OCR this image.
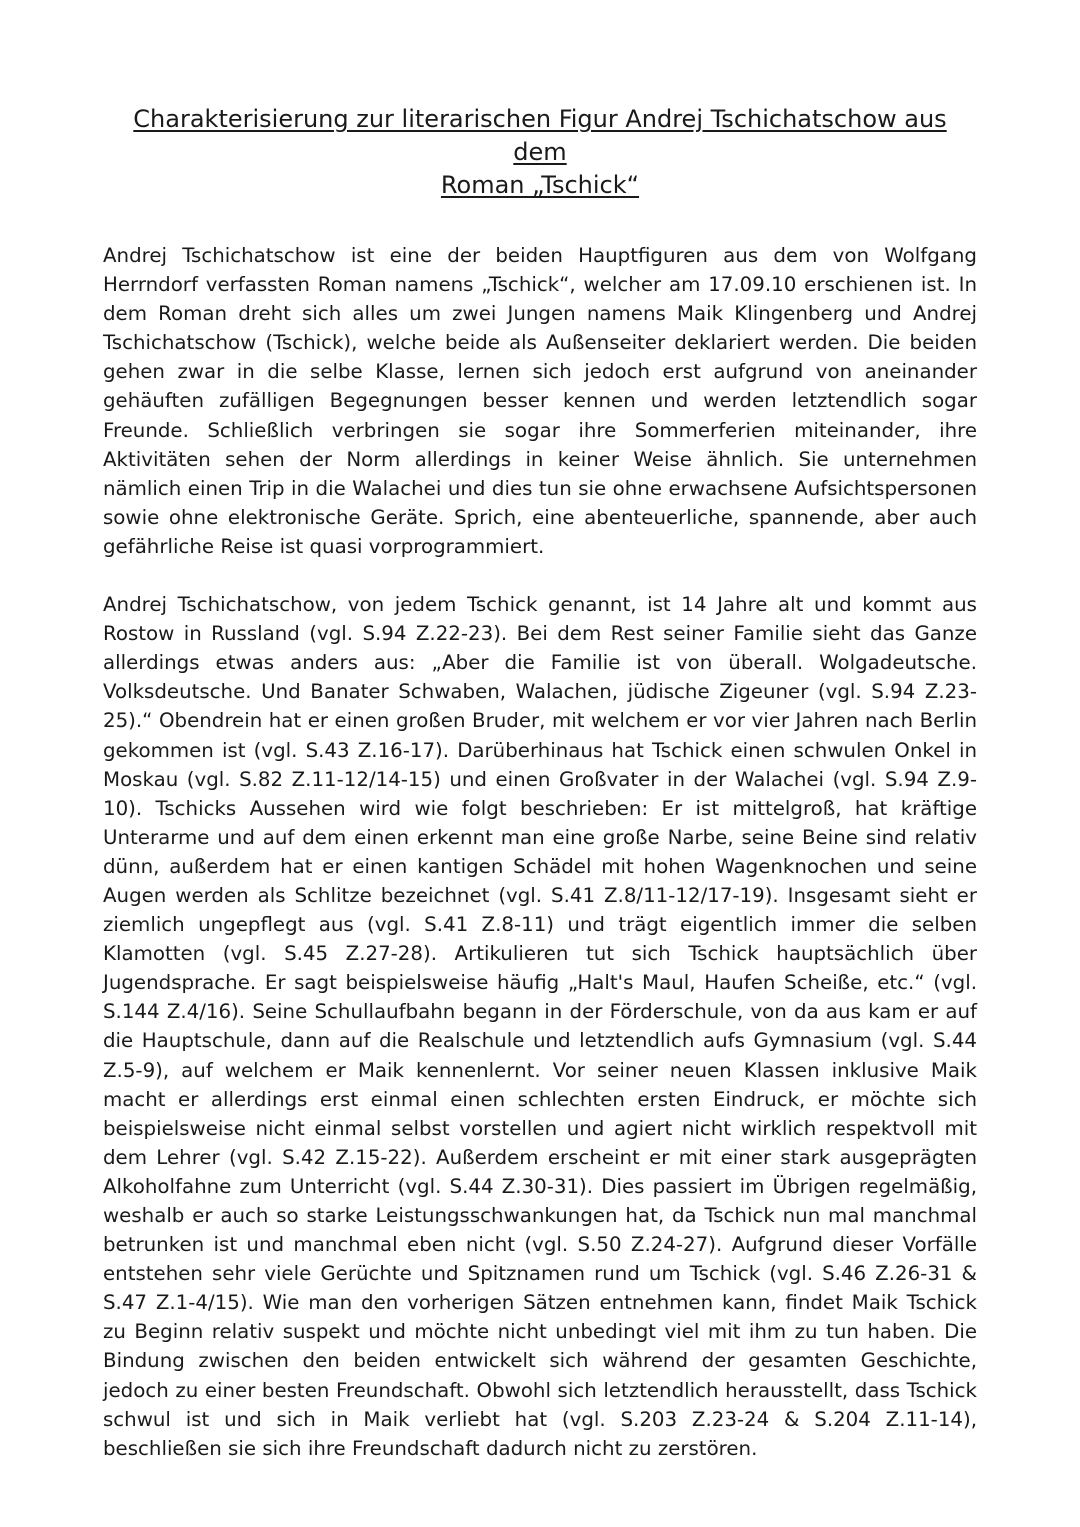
Charakterisierung zur literarischen Figur Andrej Tschichatschow aus dem
Roman „Tschick“

Andrej Tschichatschow ist eine der beiden Hauptfiguren aus dem von Wolfgang Herrndorf verfassten Roman namens „Tschick“, welcher am 17.09.10 erschienen ist. In dem Roman dreht sich alles um zwei Jungen namens Maik Klingenberg und Andrej Tschichatschow (Tschick), welche beide als Außenseiter deklariert werden. Die beiden gehen zwar in die selbe Klasse, lernen sich jedoch erst aufgrund von aneinander gehäuften zufälligen Begegnungen besser kennen und werden letztendlich sogar Freunde. Schließlich verbringen sie sogar ihre Sommerferien miteinander, ihre Aktivitäten sehen der Norm allerdings in keiner Weise ähnlich. Sie unternehmen nämlich einen Trip in die Walachei und dies tun sie ohne erwachsene Aufsichtspersonen sowie ohne elektronische Geräte. Sprich, eine abenteuerliche, spannende, aber auch gefährliche Reise ist quasi vorprogrammiert.

Andrej Tschichatschow, von jedem Tschick genannt, ist 14 Jahre alt und kommt aus Rostow in Russland (vgl. S.94 Z.22-23). Bei dem Rest seiner Familie sieht das Ganze allerdings etwas anders aus: „Aber die Familie ist von überall. Wolgadeutsche. Volksdeutsche. Und Banater Schwaben, Walachen, jüdische Zigeuner (vgl. S.94 Z.23-25).“ Obendrein hat er einen großen Bruder, mit welchem er vor vier Jahren nach Berlin gekommen ist (vgl. S.43 Z.16-17). Darüberhinaus hat Tschick einen schwulen Onkel in Moskau (vgl. S.82 Z.11-12/14-15) und einen Großvater in der Walachei (vgl. S.94 Z.9-10). Tschicks Aussehen wird wie folgt beschrieben: Er ist mittelgroß, hat kräftige Unterarme und auf dem einen erkennt man eine große Narbe, seine Beine sind relativ dünn, außerdem hat er einen kantigen Schädel mit hohen Wagenknochen und seine Augen werden als Schlitze bezeichnet (vgl. S.41 Z.8/11-12/17-19). Insgesamt sieht er ziemlich ungepflegt aus (vgl. S.41 Z.8-11) und trägt eigentlich immer die selben Klamotten (vgl. S.45 Z.27-28). Artikulieren tut sich Tschick hauptsächlich über Jugendsprache. Er sagt beispielsweise häufig „Halt's Maul, Haufen Scheiße, etc.“ (vgl. S.144 Z.4/16). Seine Schullaufbahn begann in der Förderschule, von da aus kam er auf die Hauptschule, dann auf die Realschule und letztendlich aufs Gymnasium (vgl. S.44 Z.5-9), auf welchem er Maik kennenlernt. Vor seiner neuen Klassen inklusive Maik macht er allerdings erst einmal einen schlechten ersten Eindruck, er möchte sich beispielsweise nicht einmal selbst vorstellen und agiert nicht wirklich respektvoll mit dem Lehrer (vgl. S.42 Z.15-22). Außerdem erscheint er mit einer stark ausgeprägten Alkoholfahne zum Unterricht (vgl. S.44 Z.30-31). Dies passiert im Übrigen regelmäßig, weshalb er auch so starke Leistungsschwankungen hat, da Tschick nun mal manchmal betrunken ist und manchmal eben nicht (vgl. S.50 Z.24-27). Aufgrund dieser Vorfälle entstehen sehr viele Gerüchte und Spitznamen rund um Tschick (vgl. S.46 Z.26-31 & S.47 Z.1-4/15). Wie man den vorherigen Sätzen entnehmen kann, findet Maik Tschick zu Beginn relativ suspekt und möchte nicht unbedingt viel mit ihm zu tun haben. Die Bindung zwischen den beiden entwickelt sich während der gesamten Geschichte, jedoch zu einer besten Freundschaft. Obwohl sich letztendlich herausstellt, dass Tschick schwul ist und sich in Maik verliebt hat (vgl. S.203 Z.23-24 & S.204 Z.11-14), beschließen sie sich ihre Freundschaft dadurch nicht zu zerstören.
